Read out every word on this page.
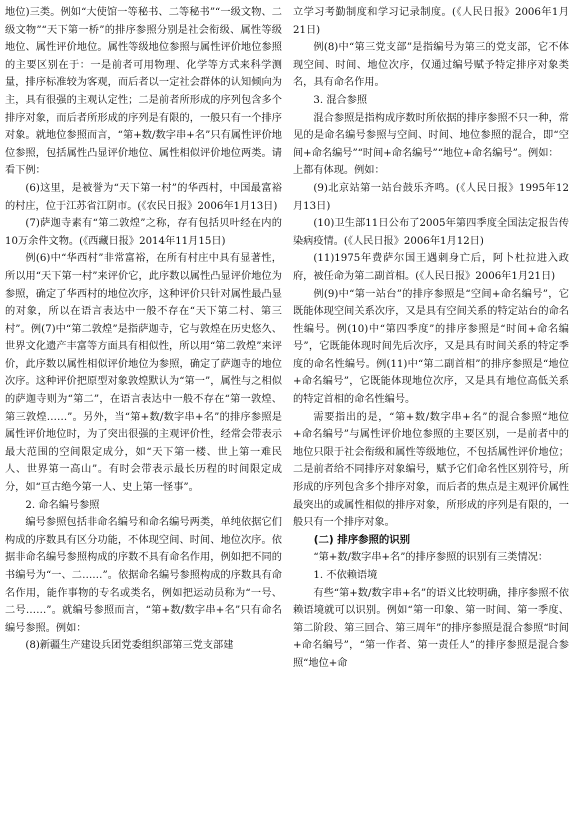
地位)三类。例如“大使馆一等秘书、二等秘书”“一级文物、二级文物”“天下第一桥”的排序参照分别是社会衔级、属性等级地位、属性评价地位。属性等级地位参照与属性评价地位参照的主要区别在于：一是前者可用物理、化学等方式来科学测量，排序标准较为客观，而后者以一定社会群体的认知倾向为主，具有很强的主观认定性；二是前者所形成的序列包含多个排序对象，而后者所形成的序列是有限的，一般只有一个排序对象。就地位参照而言，“第+数/数字串+名”只有属性评价地位参照，包括属性凸显评价地位、属性相似评价地位两类。请看下例：

(6)这里，是被誉为“天下第一村”的华西村，中国最富裕的村庄，位于江苏省江阴市。(《农民日报》2006年1月13日)

(7)萨迦寺素有“第二敦煌”之称，存有包括贝叶经在内的10万余件文物。(《西藏日报》2014年11月15日)

例(6)中“华西村”非常富裕，在所有村庄中具有显著性，所以用“天下第一村”来评价它，此序数以属性凸显评价地位为参照，确定了华西村的地位次序，这种评价只针对属性最凸显的对象，所以在语言表达中一般不存在“天下第二村、第三村”。例(7)中“第二敦煌”是指萨迦寺，它与敦煌在历史悠久、世界文化遗产丰富等方面具有相似性，所以用“第二敦煌”来评价，此序数以属性相似评价地位为参照，确定了萨迦寺的地位次序。这种评价把原型对象敦煌默认为“第一”，属性与之相似的萨迦寺则为“第二”，在语言表达中一般不存在“第一敦煌、第三敦煌……”。另外，当“第+数/数字串+名”的排序参照是属性评价地位时，为了突出很强的主观评价性，经常会带表示最大范围的空间限定成分，如“天下第一楼、世上第一难民人、世界第一高山”。有时会带表示最长历程的时间限定成分，如“亘古绝今第一人、史上第一怪事”。

2. 命名编号参照

编号参照包括非命名编号和命名编号两类，单纯依据它们构成的序数具有区分功能，不体现空间、时间、地位次序。依据非命名编号参照构成的序数不具有命名作用，例如把不同的书编号为“一、二……”。依据命名编号参照构成的序数具有命名作用，能作事物的专名或类名，例如把运动员称为“一号、二号……”。就编号参照而言，“第+数/数字串+名”只有命名编号参照。例如：

(8)新疆生产建设兵团党委组织部第三党支部建

立学习考勤制度和学习记录制度。(《人民日报》2006年1月21日)

例(8)中“第三党支部”是指编号为第三的党支部，它不体现空间、时间、地位次序，仅通过编号赋予特定排序对象类名，具有命名作用。

3. 混合参照

混合参照是指构成序数时所依据的排序参照不只一种，常见的是命名编号参照与空间、时间、地位参照的混合，即“空间+命名编号”“时间+命名编号”“地位+命名编号”。例如：

上都有体现。例如：

(9)北京站第一站台鼓乐齐鸣。(《人民日报》1995年12月13日)

(10)卫生部11日公布了2005年第四季度全国法定报告传染病疫情。(《人民日报》2006年1月12日)

(11)1975年费萨尔国王遇刺身亡后，阿卜杜拉进入政府，被任命为第二副首相。(《人民日报》2006年1月21日)

例(9)中“第一站台”的排序参照是“空间+命名编号”，它既能体现空间关系次序，又是具有空间关系的特定站台的命名性编号。例(10)中“第四季度”的排序参照是“时间+命名编号”，它既能体现时间先后次序，又是具有时间关系的特定季度的命名性编号。例(11)中“第二副首相”的排序参照是“地位+命名编号”，它既能体现地位次序，又是具有地位高低关系的特定首相的命名性编号。

需要指出的是，“第+数/数字串+名”的混合参照“地位+命名编号”与属性评价地位参照的主要区别，一是前者中的地位只限于社会衔级和属性等级地位，不包括属性评价地位；二是前者给不同排序对象编号，赋予它们命名性区别符号，所形成的序列包含多个排序对象，而后者的焦点是主观评价属性最突出的或属性相似的排序对象，所形成的序列是有限的，一般只有一个排序对象。

(二) 排序参照的识别

“第+数/数字串+名”的排序参照的识别有三类情况：

1. 不依赖语境

有些“第+数/数字串+名”的语义比较明确，排序参照不依赖语境就可以识别。例如“第一印象、第一时间、第一季度、第二阶段、第三回合、第三周年”的排序参照是混合参照“时间+命名编号”，“第一作者、第一责任人”的排序参照是混合参照“地位+命
